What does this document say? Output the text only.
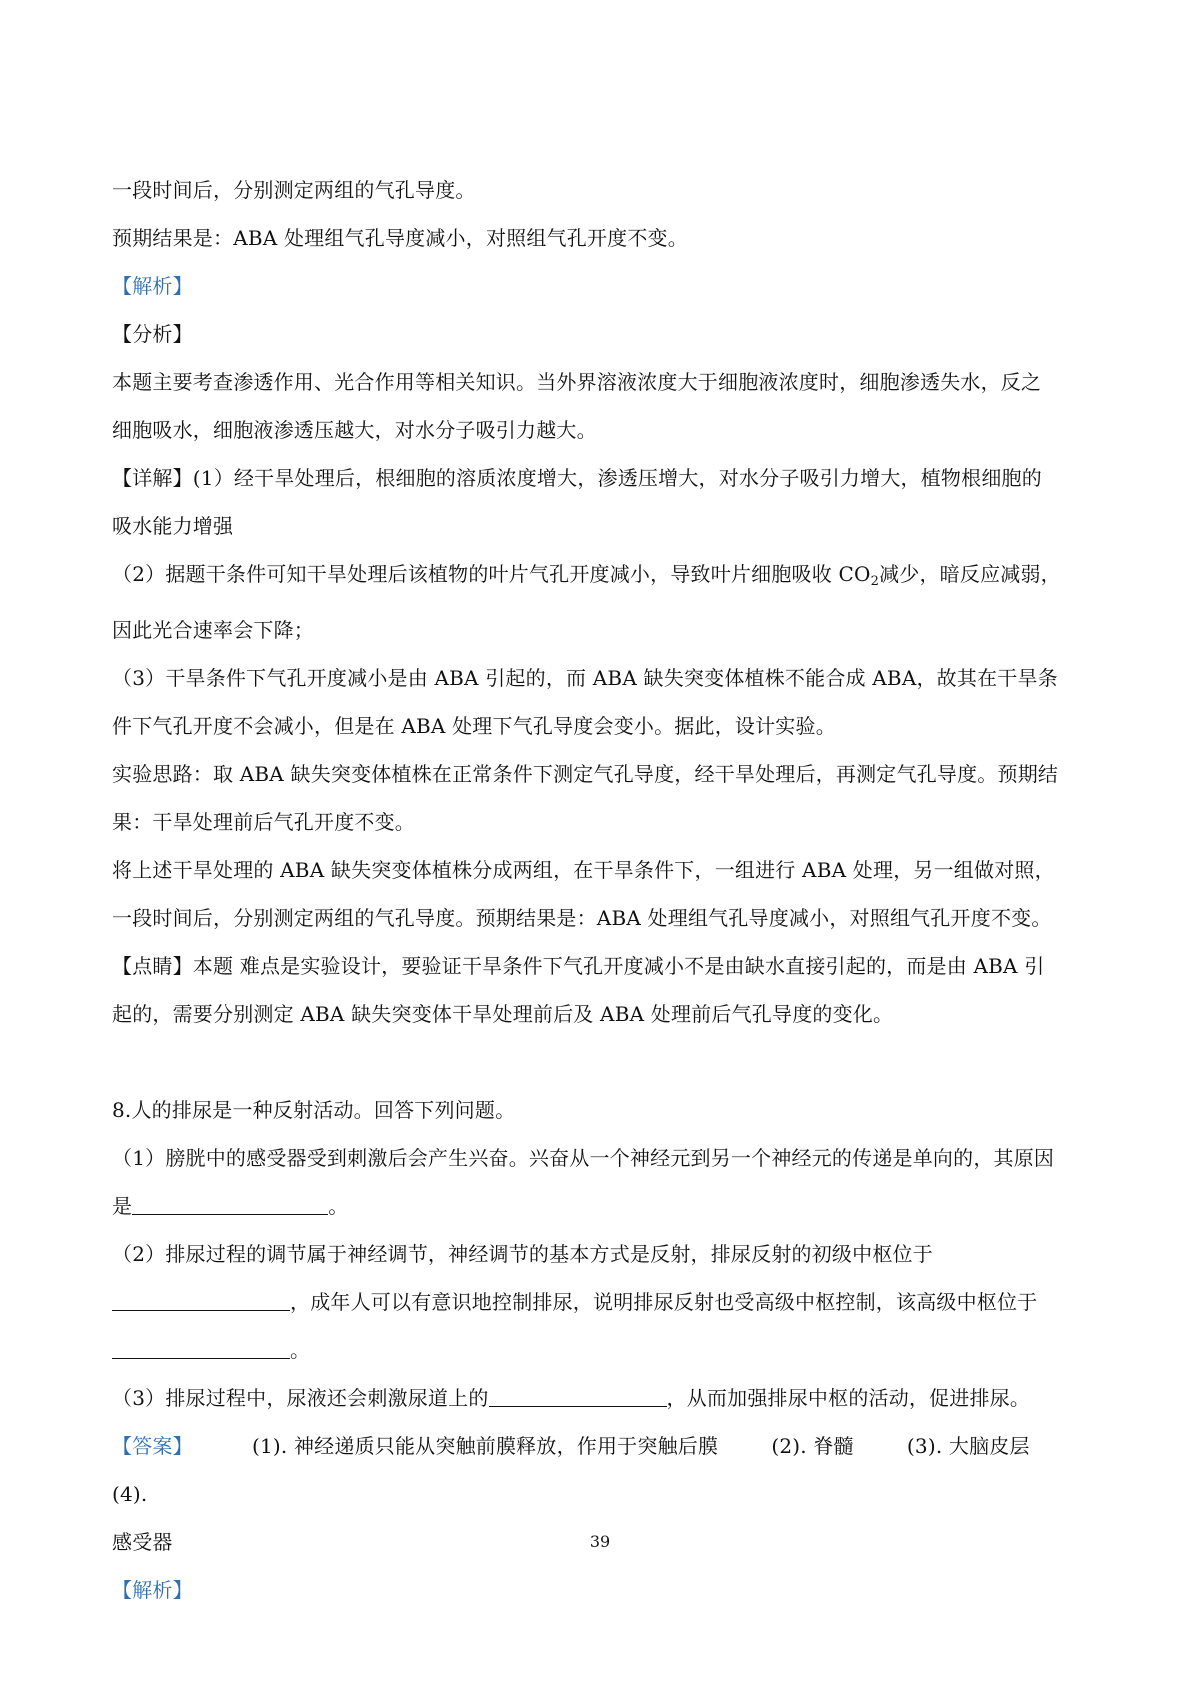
一段时间后，分别测定两组的气孔导度。

预期结果是：ABA 处理组气孔导度减小，对照组气孔开度不变。

【解析】

【分析】

本题主要考查渗透作用、光合作用等相关知识。当外界溶液浓度大于细胞液浓度时，细胞渗透失水，反之

细胞吸水，细胞液渗透压越大，对水分子吸引力越大。

【详解】(1）经干旱处理后，根细胞的溶质浓度增大，渗透压增大，对水分子吸引力增大，植物根细胞的

吸水能力增强

（2）据题干条件可知干旱处理后该植物的叶片气孔开度减小，导致叶片细胞吸收 $CO_2$减少，暗反应减弱，

因此光合速率会下降；

（3）干旱条件下气孔开度减小是由 ABA 引起的，而 ABA 缺失突变体植株不能合成 ABA，故其在干旱条

件下气孔开度不会减小，但是在 ABA 处理下气孔导度会变小。据此，设计实验。

实验思路：取 ABA 缺失突变体植株在正常条件下测定气孔导度，经干旱处理后，再测定气孔导度。预期结

果：干旱处理前后气孔开度不变。

将上述干旱处理的 ABA 缺失突变体植株分成两组，在干旱条件下，一组进行 ABA 处理，另一组做对照，

一段时间后，分别测定两组的气孔导度。预期结果是：ABA 处理组气孔导度减小，对照组气孔开度不变。

【点睛】本题 难点是实验设计，要验证干旱条件下气孔开度减小不是由缺水直接引起的，而是由 ABA 引

起的，需要分别测定 ABA 缺失突变体干旱处理前后及 ABA 处理前后气孔导度的变化。

8.人的排尿是一种反射活动。回答下列问题。

（1）膀胱中的感受器受到刺激后会产生兴奋。兴奋从一个神经元到另一个神经元的传递是单向的，其原因

是	。

（2）排尿过程的调节属于神经调节，神经调节的基本方式是反射，排尿反射的初级中枢位于

，成年人可以有意识地控制排尿，说明排尿反射也受高级中枢控制，该高级中枢位于

。

（3）排尿过程中，尿液还会刺激尿道上的	，从而加强排尿中枢的活动，促进排尿。

【答案】	(1). 神经递质只能从突触前膜释放，作用于突触后膜	(2). 脊髓	(3). 大脑皮层  (4).

感受器

【解析】

39
